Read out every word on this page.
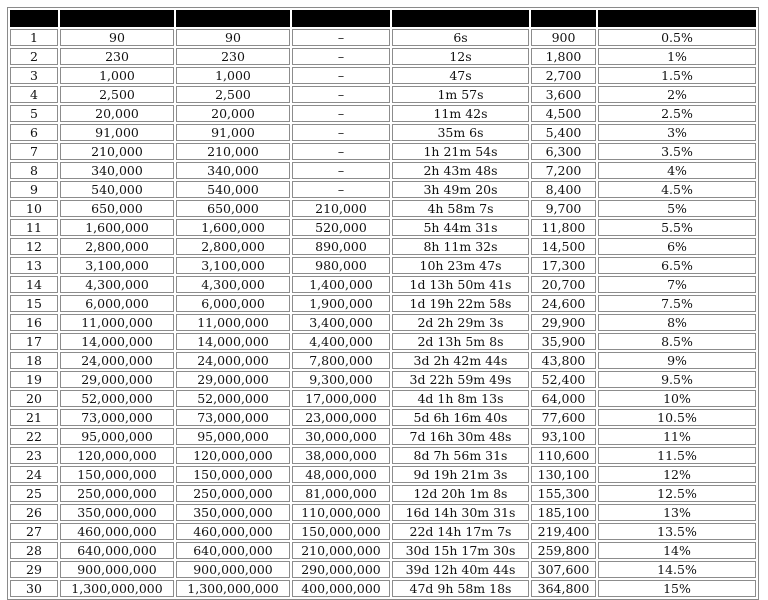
1	90	90	–	6s	900	0.5%
2	230	230	–	12s	1,800	1%
3	1,000	1,000	–	47s	2,700	1.5%
4	2,500	2,500	–	1m 57s	3,600	2%
5	20,000	20,000	–	11m 42s	4,500	2.5%
6	91,000	91,000	–	35m 6s	5,400	3%
7	210,000	210,000	–	1h 21m 54s	6,300	3.5%
8	340,000	340,000	–	2h 43m 48s	7,200	4%
9	540,000	540,000	–	3h 49m 20s	8,400	4.5%
10	650,000	650,000	210,000	4h 58m 7s	9,700	5%
11	1,600,000	1,600,000	520,000	5h 44m 31s	11,800	5.5%
12	2,800,000	2,800,000	890,000	8h 11m 32s	14,500	6%
13	3,100,000	3,100,000	980,000	10h 23m 47s	17,300	6.5%
14	4,300,000	4,300,000	1,400,000	1d 13h 50m 41s	20,700	7%
15	6,000,000	6,000,000	1,900,000	1d 19h 22m 58s	24,600	7.5%
16	11,000,000	11,000,000	3,400,000	2d 2h 29m 3s	29,900	8%
17	14,000,000	14,000,000	4,400,000	2d 13h 5m 8s	35,900	8.5%
18	24,000,000	24,000,000	7,800,000	3d 2h 42m 44s	43,800	9%
19	29,000,000	29,000,000	9,300,000	3d 22h 59m 49s	52,400	9.5%
20	52,000,000	52,000,000	17,000,000	4d 1h 8m 13s	64,000	10%
21	73,000,000	73,000,000	23,000,000	5d 6h 16m 40s	77,600	10.5%
22	95,000,000	95,000,000	30,000,000	7d 16h 30m 48s	93,100	11%
23	120,000,000	120,000,000	38,000,000	8d 7h 56m 31s	110,600	11.5%
24	150,000,000	150,000,000	48,000,000	9d 19h 21m 3s	130,100	12%
25	250,000,000	250,000,000	81,000,000	12d 20h 1m 8s	155,300	12.5%
26	350,000,000	350,000,000	110,000,000	16d 14h 30m 31s	185,100	13%
27	460,000,000	460,000,000	150,000,000	22d 14h 17m 7s	219,400	13.5%
28	640,000,000	640,000,000	210,000,000	30d 15h 17m 30s	259,800	14%
29	900,000,000	900,000,000	290,000,000	39d 12h 40m 44s	307,600	14.5%
30	1,300,000,000	1,300,000,000	400,000,000	47d 9h 58m 18s	364,800	15%
